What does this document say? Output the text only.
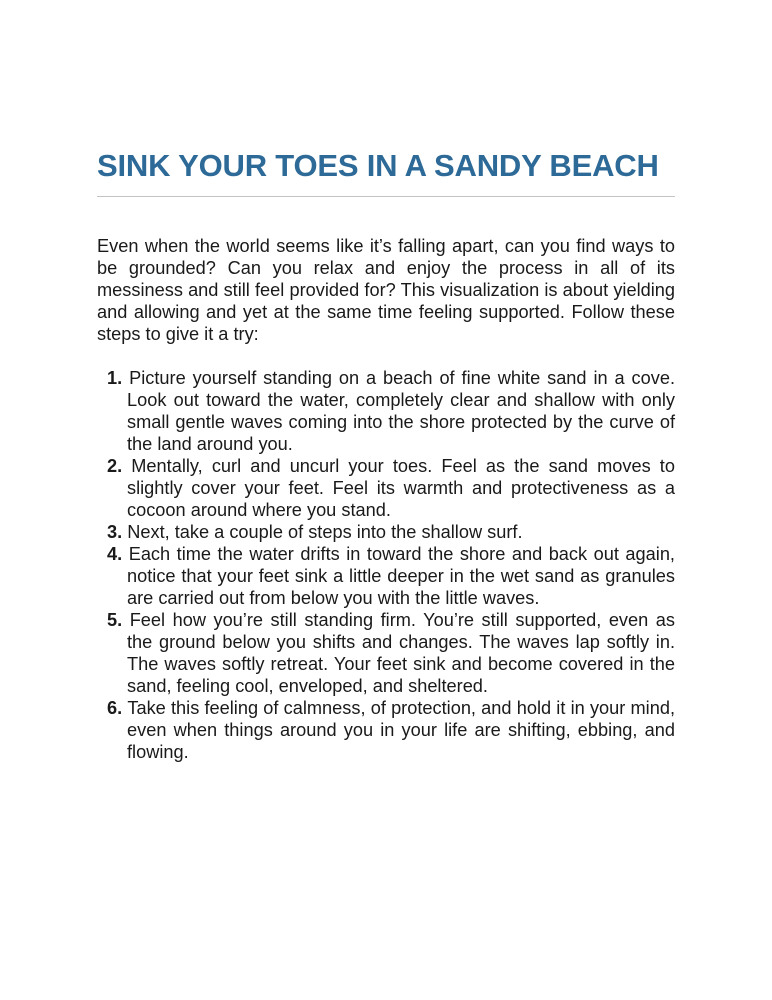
SINK YOUR TOES IN A SANDY BEACH

Even when the world seems like it’s falling apart, can you find ways to be grounded? Can you relax and enjoy the process in all of its messiness and still feel provided for? This visualization is about yielding and allowing and yet at the same time feeling supported. Follow these steps to give it a try:

1. Picture yourself standing on a beach of fine white sand in a cove. Look out toward the water, completely clear and shallow with only small gentle waves coming into the shore protected by the curve of the land around you.
2. Mentally, curl and uncurl your toes. Feel as the sand moves to slightly cover your feet. Feel its warmth and protectiveness as a cocoon around where you stand.
3. Next, take a couple of steps into the shallow surf.
4. Each time the water drifts in toward the shore and back out again, notice that your feet sink a little deeper in the wet sand as granules are carried out from below you with the little waves.
5. Feel how you’re still standing firm. You’re still supported, even as the ground below you shifts and changes. The waves lap softly in. The waves softly retreat. Your feet sink and become covered in the sand, feeling cool, enveloped, and sheltered.
6. Take this feeling of calmness, of protection, and hold it in your mind, even when things around you in your life are shifting, ebbing, and flowing.
